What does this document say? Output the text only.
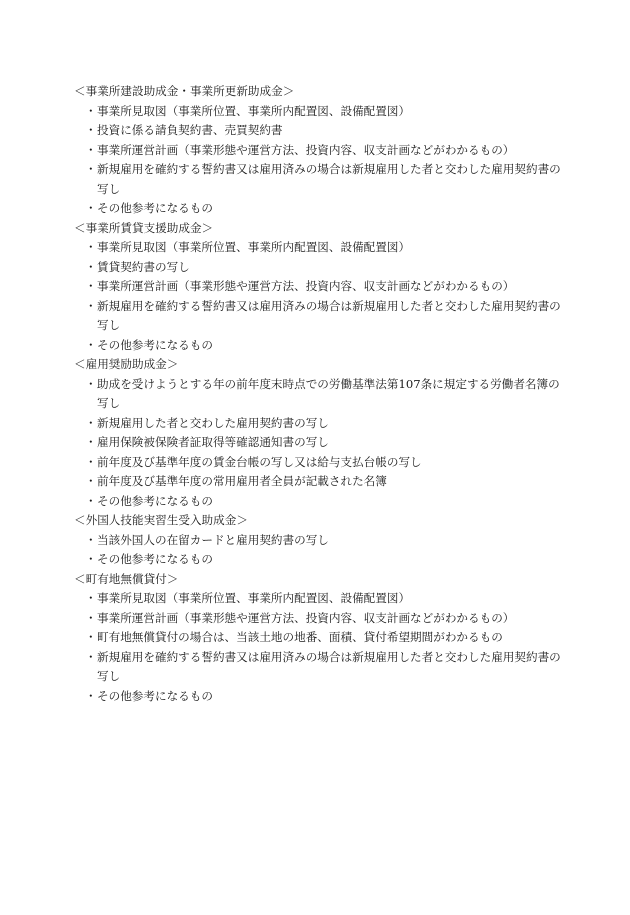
＜事業所建設助成金・事業所更新助成金＞

・ 事業所見取図（事業所位置、事業所内配置図、設備配置図）
・ 投資に係る請負契約書、売買契約書
・ 事業所運営計画（事業形態や運営方法、投資内容、収支計画などがわかるもの）
・ 新規雇用を確約する誓約書又は雇用済みの場合は新規雇用した者と交わした雇用契約書の写し
・ その他参考になるもの

＜事業所賃貸支援助成金＞

・ 事業所見取図（事業所位置、事業所内配置図、設備配置図）
・ 賃貸契約書の写し
・ 事業所運営計画（事業形態や運営方法、投資内容、収支計画などがわかるもの）
・ 新規雇用を確約する誓約書又は雇用済みの場合は新規雇用した者と交わした雇用契約書の写し
・ その他参考になるもの

＜雇用奨励助成金＞

・ 助成を受けようとする年の前年度末時点での労働基準法第107条に規定する労働者名簿の写し
・ 新規雇用した者と交わした雇用契約書の写し
・ 雇用保険被保険者証取得等確認通知書の写し
・ 前年度及び基準年度の賃金台帳の写し又は給与支払台帳の写し
・ 前年度及び基準年度の常用雇用者全員が記載された名簿
・ その他参考になるもの

＜外国人技能実習生受入助成金＞

・ 当該外国人の在留カードと雇用契約書の写し
・ その他参考になるもの

＜町有地無償貸付＞

・ 事業所見取図（事業所位置、事業所内配置図、設備配置図）
・ 事業所運営計画（事業形態や運営方法、投資内容、収支計画などがわかるもの）
・ 町有地無償貸付の場合は、当該土地の地番、面積、貸付希望期間がわかるもの
・ 新規雇用を確約する誓約書又は雇用済みの場合は新規雇用した者と交わした雇用契約書の写し
・ その他参考になるもの
